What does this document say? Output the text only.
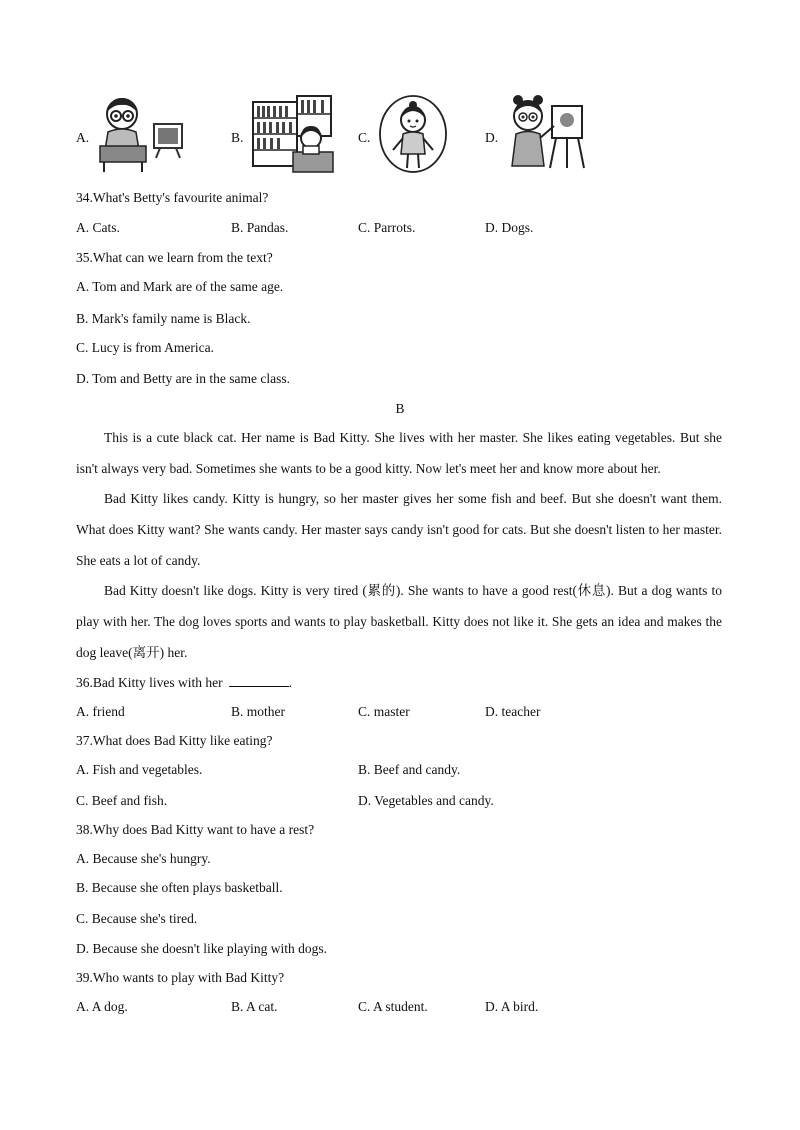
A.	B.	C.	D.
34.What's Betty's favourite animal?
A. Cats.	B. Pandas.	C. Parrots.	D. Dogs.
35.What can we learn from the text?
A. Tom and Mark are of the same age.
B. Mark's family name is Black.
C. Lucy is from America.
D. Tom and Betty are in the same class.
B
This is a cute black cat. Her name is Bad Kitty. She lives with her master. She likes eating vegetables. But she isn't always very bad. Sometimes she wants to be a good kitty. Now let's meet her and know more about her.
Bad Kitty likes candy. Kitty is hungry, so her master gives her some fish and beef. But she doesn't want them. What does Kitty want? She wants candy. Her master says candy isn't good for cats. But she doesn't listen to her master. She eats a lot of candy.
Bad Kitty doesn't like dogs. Kitty is very tired (累的). She wants to have a good rest(休息). But a dog wants to play with her. The dog loves sports and wants to play basketball. Kitty does not like it. She gets an idea and makes the dog leave(离开) her.
36.Bad Kitty lives with her	.
A. friend	B. mother	C. master	D. teacher
37.What does Bad Kitty like eating?
A. Fish and vegetables.	B. Beef and candy.
C. Beef and fish.	D. Vegetables and candy.
38.Why does Bad Kitty want to have a rest?
A. Because she's hungry.
B. Because she often plays basketball.
C. Because she's tired.
D. Because she doesn't like playing with dogs.
39.Who wants to play with Bad Kitty?
A. A dog.	B. A cat.	C. A student.	D. A bird.
